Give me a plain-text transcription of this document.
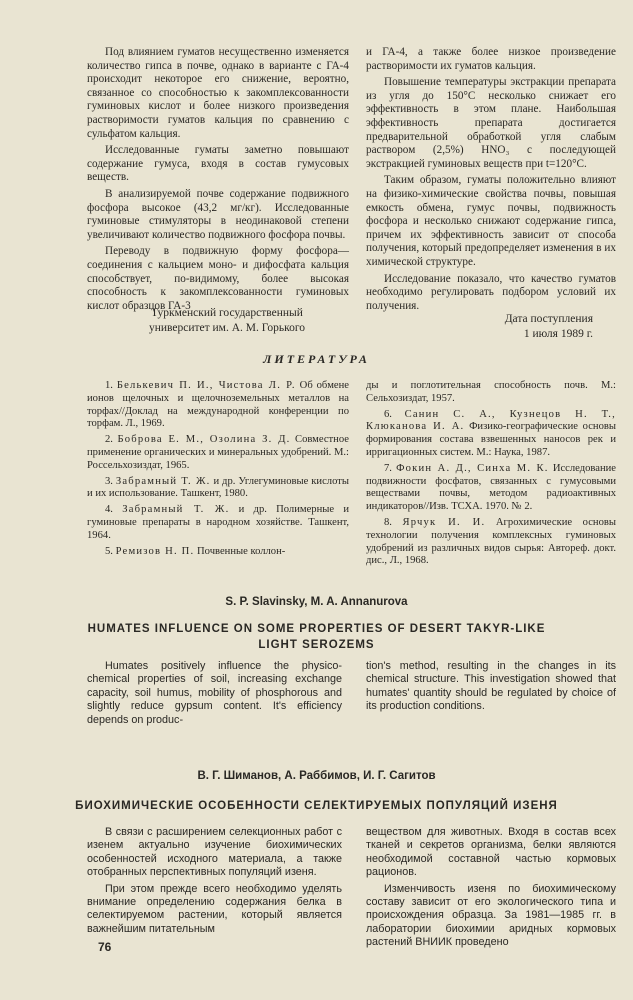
Под влиянием гуматов несущественно изменяется количество гипса в почве, однако в варианте с ГА-4 происходит некоторое его снижение, вероятно, связанное со способностью к закомплексованности гуминовых кислот и более низкого произведения растворимости гуматов кальция по сравнению с сульфатом кальция.

Исследованные гуматы заметно повышают содержание гумуса, входя в состав гумусовых веществ.

В анализируемой почве содержание подвижного фосфора высокое (43,2 мг/кг). Исследованные гуминовые стимуляторы в неодинаковой степени увеличивают количество подвижного фосфора почвы.

Переводу в подвижную форму фосфора—соединения с кальцием моно- и дифосфата кальция способствует, по-видимому, более высокая способность к закомплексованности гуминовых кислот образцов ГА-3

и ГА-4, а также более низкое произведение растворимости их гуматов кальция.

Повышение температуры экстракции препарата из угля до 150°С несколько снижает его эффективность в этом плане. Наибольшая эффективность препарата достигается предварительной обработкой угля слабым раствором (2,5%) HNO₃ с последующей экстракцией гуминовых веществ при t=120°С.

Таким образом, гуматы положительно влияют на физико-химические свойства почвы, повышая емкость обмена, гумус почвы, подвижность фосфора и несколько снижают содержание гипса, причем их эффективность зависит от способа получения, который предопределяет изменения в их химической структуре.

Исследование показало, что качество гуматов необходимо регулировать подбором условий их получения.

Туркменский государственный
университет им. А. М. Горького
Дата поступления
1 июля 1989 г.
ЛИТЕРАТУРА

1. Белькевич П. И., Чистова Л. Р. Об обмене ионов щелочных и щелочноземельных металлов на торфах//Доклад на международной конференции по торфам. Л., 1969.

2. Боброва Е. М., Озолина З. Д. Совместное применение органических и минеральных удобрений. М.: Россельхозиздат, 1965.

3. Забрамный Т. Ж. и др. Углегуминовые кислоты и их использование. Ташкент, 1980.

4. Забрамный Т. Ж. и др. Полимерные и гуминовые препараты в народном хозяйстве. Ташкент, 1964.

5. Ремизов Н. П. Почвенные коллон-

ды и поглотительная способность почв. М.: Сельхозиздат, 1957.

6. Санин С. А., Кузнецов Н. Т., Клюканова И. А. Физико-географические основы формирования состава взвешенных наносов рек и ирригационных систем. М.: Наука, 1987.

7. Фокин А. Д., Синха М. К. Исследование подвижности фосфатов, связанных с гумусовыми веществами почвы, методом радиоактивных индикаторов//Изв. ТСХА. 1970. № 2.

8. Ярчук И. И. Агрохимические основы технологии получения комплексных гуминовых удобрений из различных видов сырья: Автореф. докт. дис., Л., 1968.

S. P. Slavinsky, M. A. Annanurova
HUMATES INFLUENCE ON SOME PROPERTIES OF DESERT TAKYR-LIKE
LIGHT SEROZEMS

Humates positively influence the physico-chemical properties of soil, increasing exchange capacity, soil humus, mobility of phosphorous and slightly reduce gypsum content. It's efficiency depends on produc-

tion's method, resulting in the changes in its chemical structure. This investigation showed that humates' quantity should be regulated by choice of its production conditions.

В. Г. Шиманов, А. Раббимов, И. Г. Сагитов
БИОХИМИЧЕСКИЕ ОСОБЕННОСТИ СЕЛЕКТИРУЕМЫХ ПОПУЛЯЦИЙ ИЗЕНЯ

В связи с расширением селекционных работ с изенем актуально изучение биохимических особенностей исходного материала, а также отобранных перспективных популяций изеня.

При этом прежде всего необходимо уделять внимание определению содержания белка в селектируемом растении, который является важнейшим питательным

веществом для животных. Входя в состав всех тканей и секретов организма, белки являются необходимой составной частью кормовых рационов.

Изменчивость изеня по биохимическому составу зависит от его экологического типа и происхождения образца. За 1981—1985 гг. в лаборатории биохимии аридных кормовых растений ВНИИК проведено

76
